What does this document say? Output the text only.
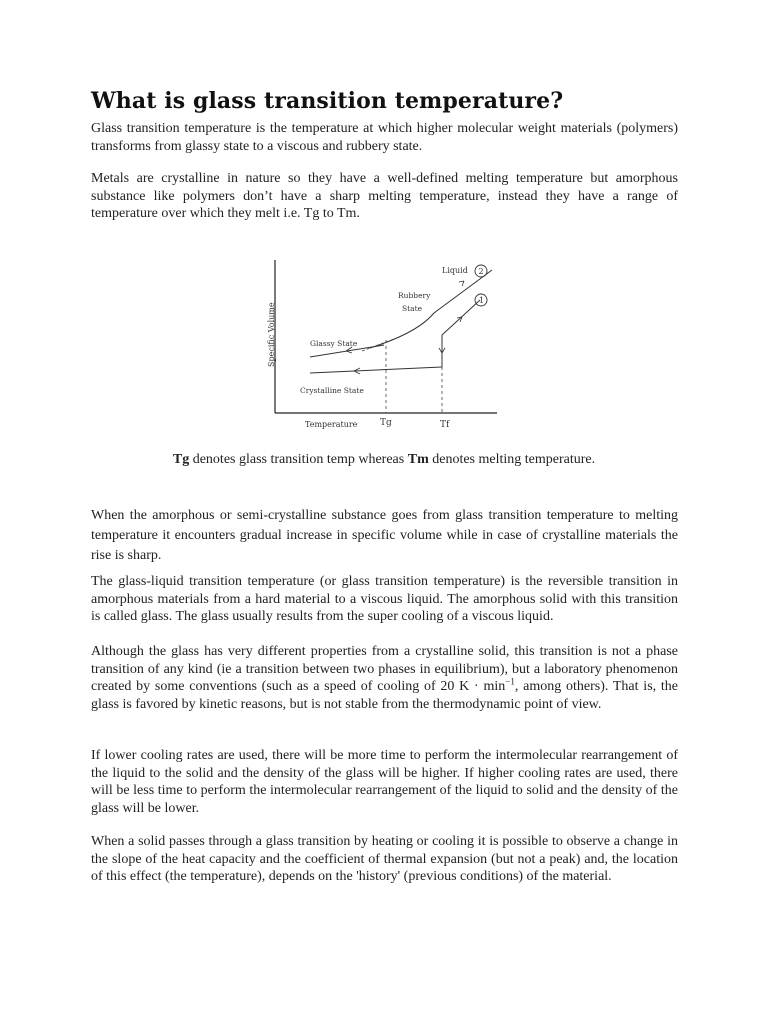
What is glass transition temperature?

Glass transition temperature is the temperature at which higher molecular weight materials (polymers) transforms from glassy state to a viscous and rubbery state.

Metals are crystalline in nature so they have a well-defined melting temperature but amorphous substance like polymers don’t have a sharp melting temperature, instead they have a range of temperature over which they melt i.e. Tg to Tm.

Specific Volume
2
1
Liquid
Rubbery
State
Glassy State
Crystalline State
Temperature	Tg	Tf
Tg denotes glass transition temp whereas Tm denotes melting temperature.

When the amorphous or semi-crystalline substance goes from glass transition temperature to melting temperature it encounters gradual increase in specific volume while in case of crystalline materials the rise is sharp.

The glass-liquid transition temperature (or glass transition temperature) is the reversible transition in amorphous materials from a hard material to a viscous liquid. The amorphous solid with this transition is called glass. The glass usually results from the super cooling of a viscous liquid.

Although the glass has very different properties from a crystalline solid, this transition is not a phase transition of any kind (ie a transition between two phases in equilibrium), but a laboratory phenomenon created by some conventions (such as a speed of cooling of 20 $K \cdot \min^{-1}$, among others). That is, the glass is favored by kinetic reasons, but is not stable from the thermodynamic point of view.

If lower cooling rates are used, there will be more time to perform the intermolecular rearrangement of the liquid to the solid and the density of the glass will be higher. If higher cooling rates are used, there will be less time to perform the intermolecular rearrangement of the liquid to solid and the density of the glass will be lower.

When a solid passes through a glass transition by heating or cooling it is possible to observe a change in the slope of the heat capacity and the coefficient of thermal expansion (but not a peak) and, the location of this effect (the temperature), depends on the 'history' (previous conditions) of the material.
